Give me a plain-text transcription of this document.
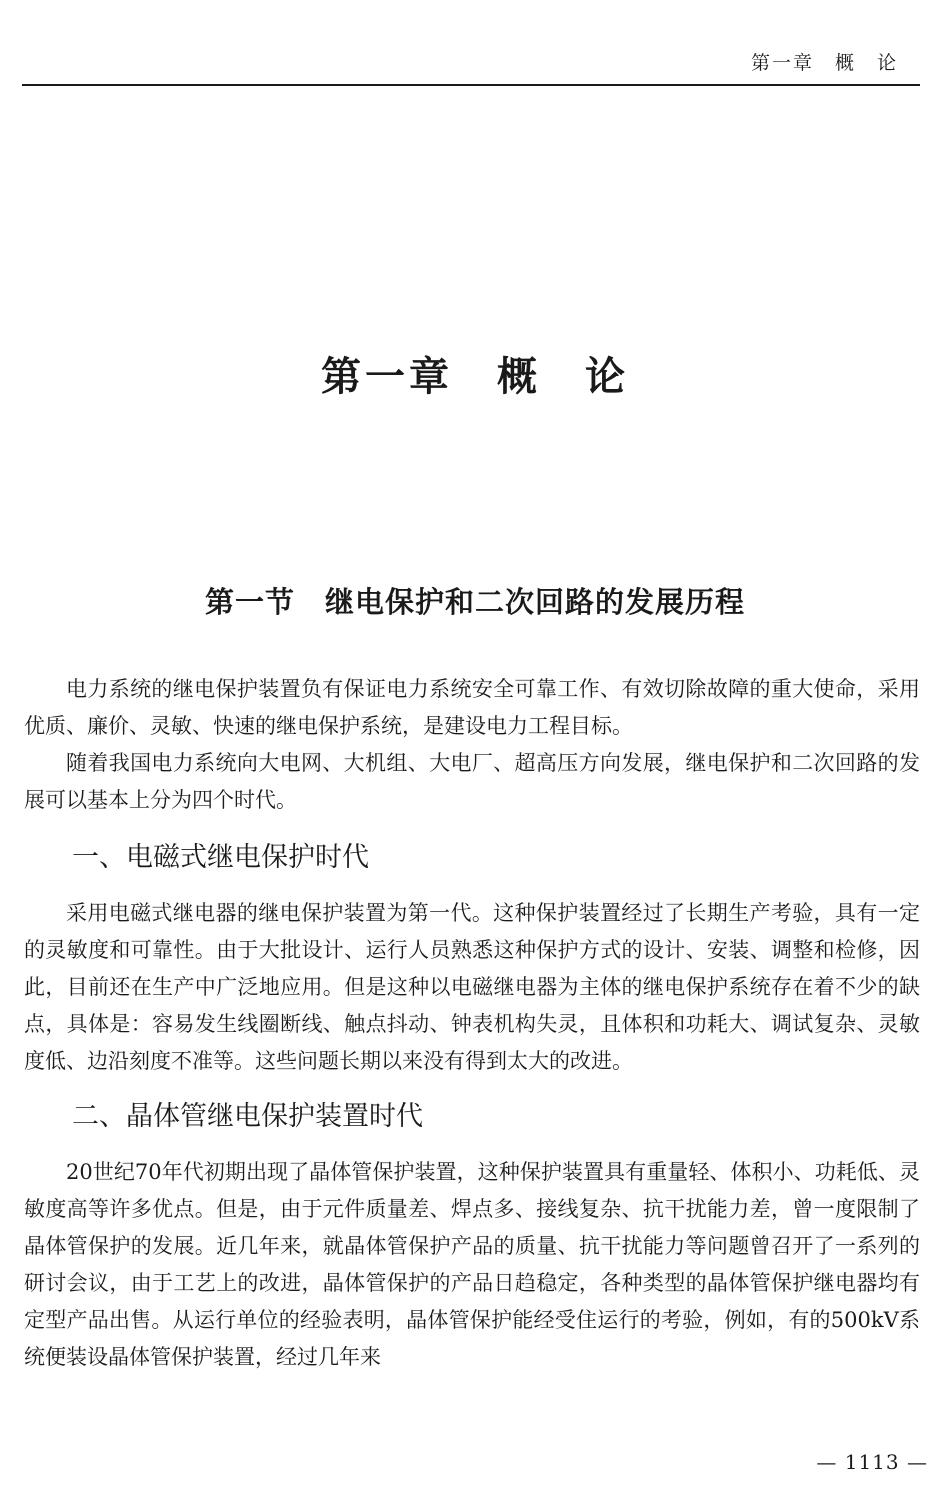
第一章　概　论
第一章　概　论
第一节　继电保护和二次回路的发展历程

电力系统的继电保护装置负有保证电力系统安全可靠工作、有效切除故障的重大使命，采用优质、廉价、灵敏、快速的继电保护系统，是建设电力工程目标。

随着我国电力系统向大电网、大机组、大电厂、超高压方向发展，继电保护和二次回路的发展可以基本上分为四个时代。

一、电磁式继电保护时代

采用电磁式继电器的继电保护装置为第一代。这种保护装置经过了长期生产考验，具有一定的灵敏度和可靠性。由于大批设计、运行人员熟悉这种保护方式的设计、安装、调整和检修，因此，目前还在生产中广泛地应用。但是这种以电磁继电器为主体的继电保护系统存在着不少的缺点，具体是：容易发生线圈断线、触点抖动、钟表机构失灵，且体积和功耗大、调试复杂、灵敏度低、边沿刻度不准等。这些问题长期以来没有得到太大的改进。

二、晶体管继电保护装置时代

20世纪70年代初期出现了晶体管保护装置，这种保护装置具有重量轻、体积小、功耗低、灵敏度高等许多优点。但是，由于元件质量差、焊点多、接线复杂、抗干扰能力差，曾一度限制了晶体管保护的发展。近几年来，就晶体管保护产品的质量、抗干扰能力等问题曾召开了一系列的研讨会议，由于工艺上的改进，晶体管保护的产品日趋稳定，各种类型的晶体管保护继电器均有定型产品出售。从运行单位的经验表明，晶体管保护能经受住运行的考验，例如，有的500kV系统便装设晶体管保护装置，经过几年来

— 1113 —
